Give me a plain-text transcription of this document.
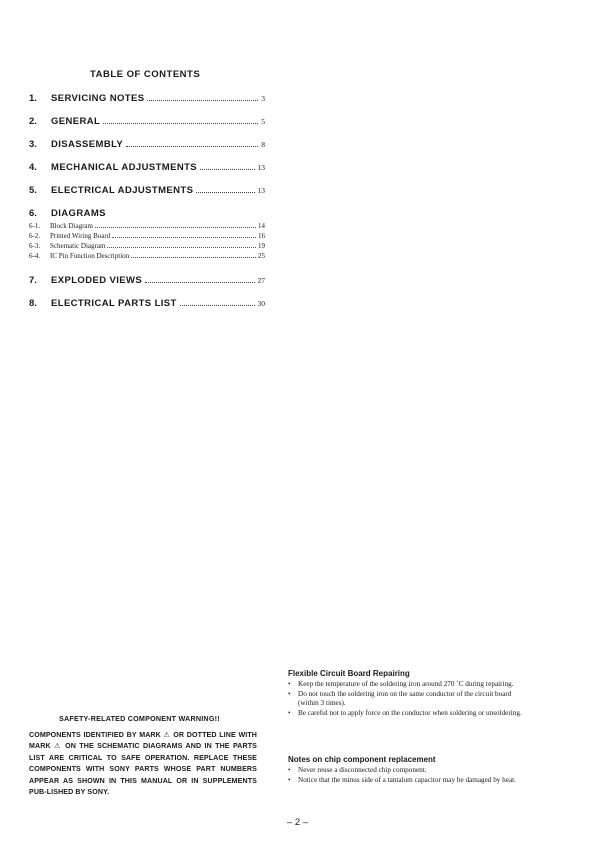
TABLE OF CONTENTS
1.	SERVICING NOTES	3
2.	GENERAL	5
3.	DISASSEMBLY	8
4.	MECHANICAL ADJUSTMENTS	13
5.	ELECTRICAL ADJUSTMENTS	13
6.	DIAGRAMS
6-1.	Block Diagram	14
6-2.	Printed Wiring Board	16
6-3.	Schematic Diagram	19
6-4.	IC Pin Function Description	25
7.	EXPLODED VIEWS	27
8.	ELECTRICAL PARTS LIST	30
SAFETY-RELATED COMPONENT WARNING!!
COMPONENTS IDENTIFIED BY MARK ⚠ OR DOTTED LINE WITH MARK ⚠ ON THE SCHEMATIC DIAGRAMS AND IN THE PARTS LIST ARE CRITICAL TO SAFE OPERATION. REPLACE THESE COMPONENTS WITH SONY PARTS WHOSE PART NUMBERS APPEAR AS SHOWN IN THIS MANUAL OR IN SUPPLEMENTS PUB-LISHED BY SONY.
Flexible Circuit Board Repairing
• Keep the temperature of the soldering iron around 270 ˚C during repairing.
• Do not touch the soldering iron on the same conductor of the circuit board (within 3 times).
• Be careful not to apply force on the conductor when soldering or unsoldering.
Notes on chip component replacement
• Never reuse a disconnected chip component.
• Notice that the minus side of a tantalum capacitor may be damaged by heat.
– 2 –
